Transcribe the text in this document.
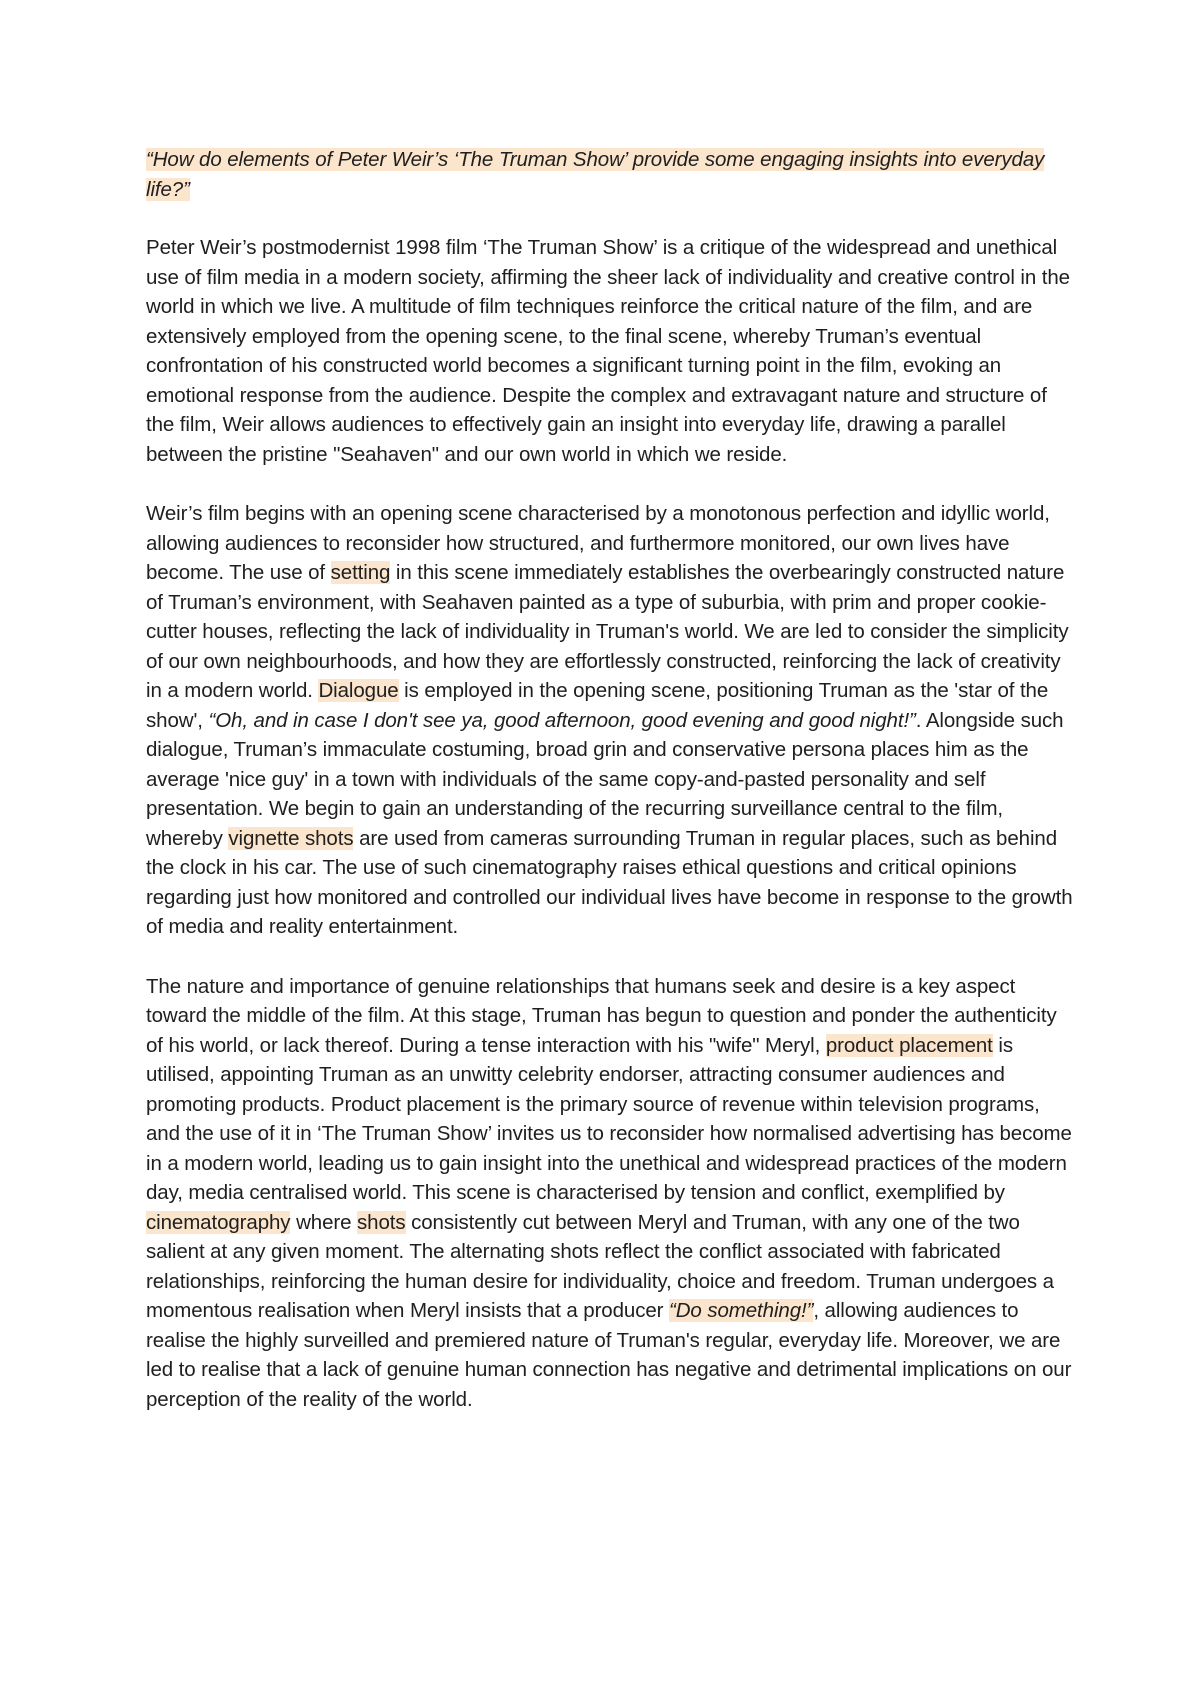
“How do elements of Peter Weir’s ‘The Truman Show’ provide some engaging insights into everyday life?”

Peter Weir’s postmodernist 1998 film ‘The Truman Show’ is a critique of the widespread and unethical use of film media in a modern society, affirming the sheer lack of individuality and creative control in the world in which we live. A multitude of film techniques reinforce the critical nature of the film, and are extensively employed from the opening scene, to the final scene, whereby Truman’s eventual confrontation of his constructed world becomes a significant turning point in the film, evoking an emotional response from the audience. Despite the complex and extravagant nature and structure of the film, Weir allows audiences to effectively gain an insight into everyday life, drawing a parallel between the pristine "Seahaven" and our own world in which we reside.

Weir’s film begins with an opening scene characterised by a monotonous perfection and idyllic world, allowing audiences to reconsider how structured, and furthermore monitored, our own lives have become. The use of setting in this scene immediately establishes the overbearingly constructed nature of Truman’s environment, with Seahaven painted as a type of suburbia, with prim and proper cookie-cutter houses, reflecting the lack of individuality in Truman's world. We are led to consider the simplicity of our own neighbourhoods, and how they are effortlessly constructed, reinforcing the lack of creativity in a modern world. Dialogue is employed in the opening scene, positioning Truman as the 'star of the show', “Oh, and in case I don't see ya, good afternoon, good evening and good night!”. Alongside such dialogue, Truman’s immaculate costuming, broad grin and conservative persona places him as the average 'nice guy' in a town with individuals of the same copy-and-pasted personality and self presentation. We begin to gain an understanding of the recurring surveillance central to the film, whereby vignette shots are used from cameras surrounding Truman in regular places, such as behind the clock in his car. The use of such cinematography raises ethical questions and critical opinions regarding just how monitored and controlled our individual lives have become in response to the growth of media and reality entertainment.

The nature and importance of genuine relationships that humans seek and desire is a key aspect toward the middle of the film. At this stage, Truman has begun to question and ponder the authenticity of his world, or lack thereof. During a tense interaction with his "wife" Meryl, product placement is utilised, appointing Truman as an unwitty celebrity endorser, attracting consumer audiences and promoting products. Product placement is the primary source of revenue within television programs, and the use of it in ‘The Truman Show’ invites us to reconsider how normalised advertising has become in a modern world, leading us to gain insight into the unethical and widespread practices of the modern day, media centralised world. This scene is characterised by tension and conflict, exemplified by cinematography where shots consistently cut between Meryl and Truman, with any one of the two salient at any given moment. The alternating shots reflect the conflict associated with fabricated relationships, reinforcing the human desire for individuality, choice and freedom. Truman undergoes a momentous realisation when Meryl insists that a producer “Do something!”, allowing audiences to realise the highly surveilled and premiered nature of Truman's regular, everyday life. Moreover, we are led to realise that a lack of genuine human connection has negative and detrimental implications on our perception of the reality of the world.
